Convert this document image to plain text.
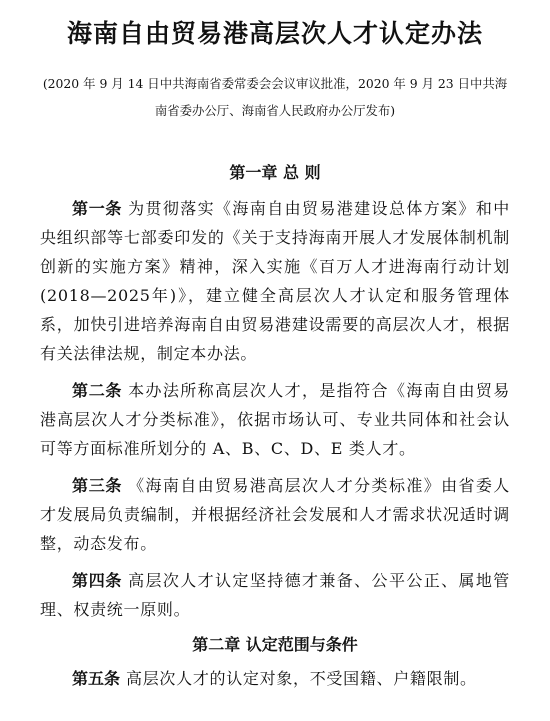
海南自由贸易港高层次人才认定办法

(2020 年 9 月 14 日中共海南省委常委会会议审议批准，2020 年 9 月 23 日中共海南省委办公厅、海南省人民政府办公厅发布)

第一章 总 则

第一条 为贯彻落实《海南自由贸易港建设总体方案》和中央组织部等七部委印发的《关于支持海南开展人才发展体制机制创新的实施方案》精神，深入实施《百万人才进海南行动计划(2018—2025年)》，建立健全高层次人才认定和服务管理体系，加快引进培养海南自由贸易港建设需要的高层次人才，根据有关法律法规，制定本办法。

第二条 本办法所称高层次人才，是指符合《海南自由贸易港高层次人才分类标准》，依据市场认可、专业共同体和社会认可等方面标准所划分的 A、B、C、D、E 类人才。

第三条 《海南自由贸易港高层次人才分类标准》由省委人才发展局负责编制，并根据经济社会发展和人才需求状况适时调整，动态发布。

第四条 高层次人才认定坚持德才兼备、公平公正、属地管理、权责统一原则。

第二章 认定范围与条件

第五条 高层次人才的认定对象，不受国籍、户籍限制。
